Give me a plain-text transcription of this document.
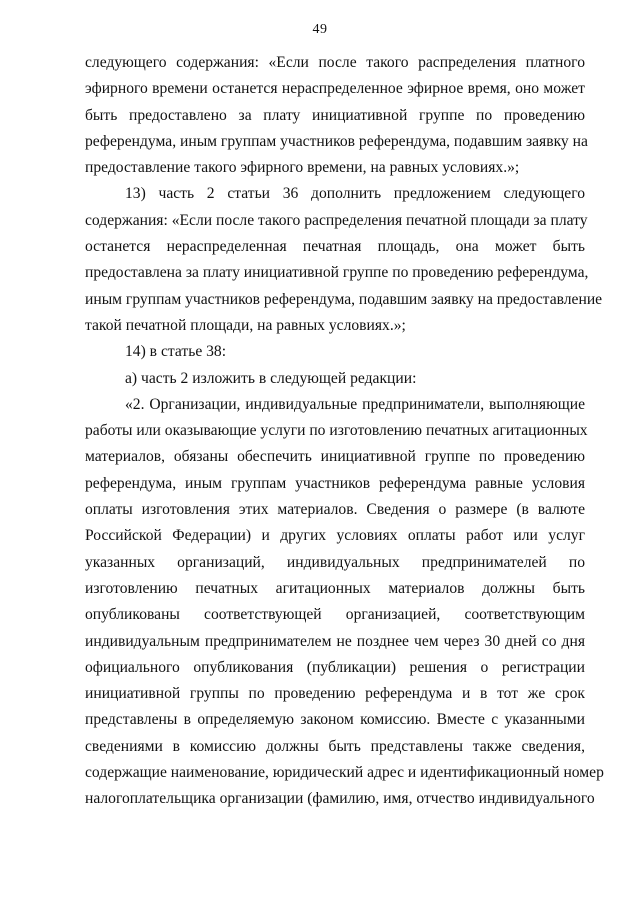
49
следующего содержания: «Если после такого распределения платного
эфирного времени останется нераспределенное эфирное время, оно может
быть предоставлено за плату инициативной группе по проведению
референдума, иным группам участников референдума, подавшим заявку на
предоставление такого эфирного времени, на равных условиях.»;
13) часть 2 статьи 36 дополнить предложением следующего
содержания: «Если после такого распределения печатной площади за плату
останется нераспределенная печатная площадь, она может быть
предоставлена за плату инициативной группе по проведению референдума,
иным группам участников референдума, подавшим заявку на предоставление
такой печатной площади, на равных условиях.»;
14) в статье 38:
а) часть 2 изложить в следующей редакции:
«2. Организации, индивидуальные предприниматели, выполняющие
работы или оказывающие услуги по изготовлению печатных агитационных
материалов, обязаны обеспечить инициативной группе по проведению
референдума, иным группам участников референдума равные условия
оплаты изготовления этих материалов. Сведения о размере (в валюте
Российской Федерации) и других условиях оплаты работ или услуг
указанных организаций, индивидуальных предпринимателей по
изготовлению печатных агитационных материалов должны быть
опубликованы соответствующей организацией, соответствующим
индивидуальным предпринимателем не позднее чем через 30 дней со дня
официального опубликования (публикации) решения о регистрации
инициативной группы по проведению референдума и в тот же срок
представлены в определяемую законом комиссию. Вместе с указанными
сведениями в комиссию должны быть представлены также сведения,
содержащие наименование, юридический адрес и идентификационный номер
налогоплательщика организации (фамилию, имя, отчество индивидуального
